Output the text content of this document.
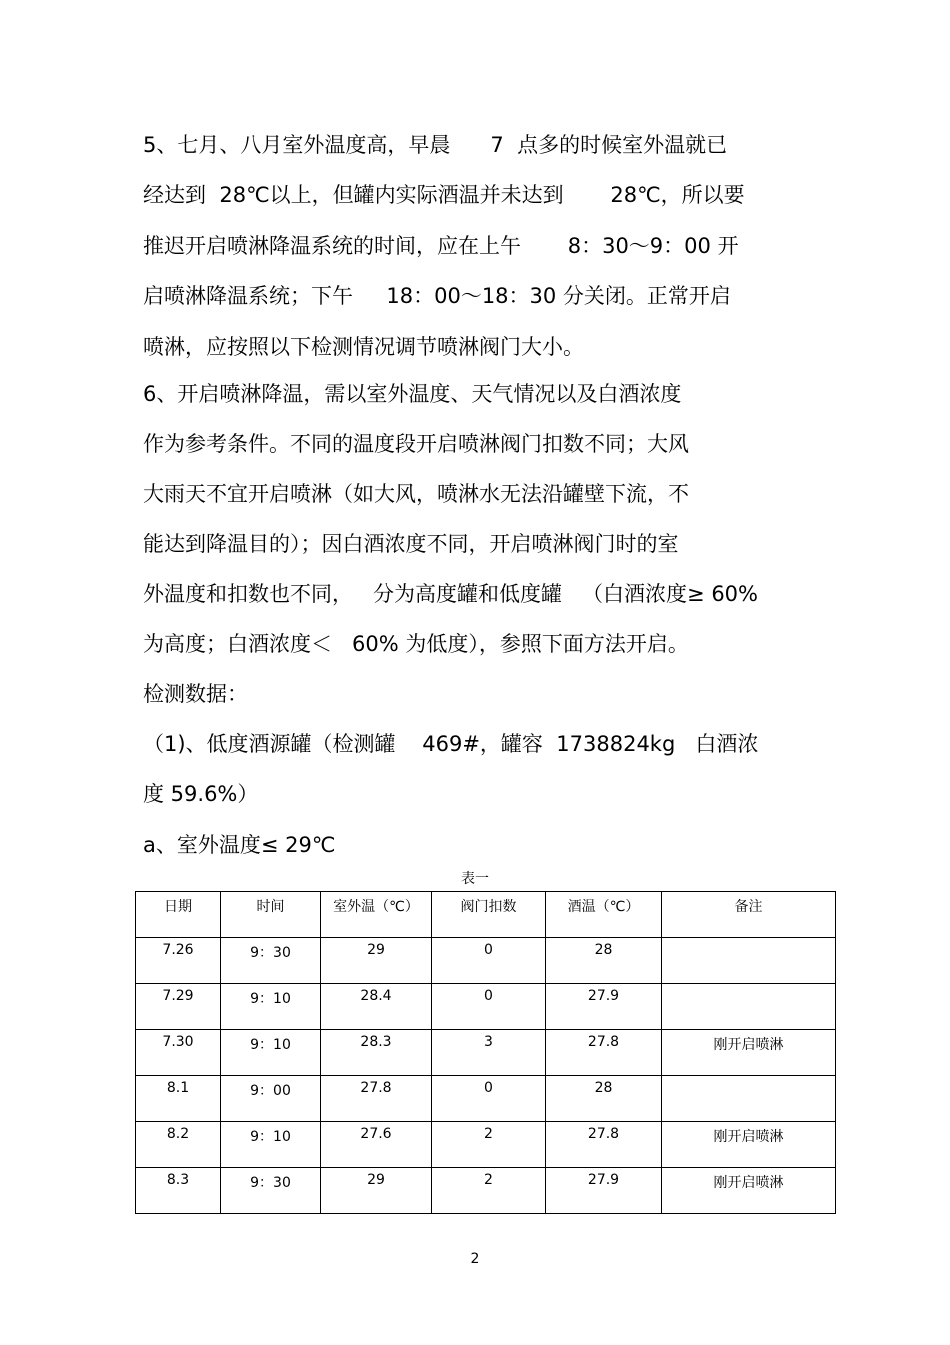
5、七月、八月室外温度高，早晨      7  点多的时候室外温就已
经达到  28℃以上，但罐内实际酒温并未达到       28℃，所以要
推迟开启喷淋降温系统的时间，应在上午       8：30～9：00 开
启喷淋降温系统；下午     18：00～18：30 分关闭。正常开启
喷淋，应按照以下检测情况调节喷淋阀门大小。
6、开启喷淋降温，需以室外温度、天气情况以及白酒浓度
作为参考条件。不同的温度段开启喷淋阀门扣数不同；大风
大雨天不宜开启喷淋（如大风，喷淋水无法沿罐壁下流，不
能达到降温目的）；因白酒浓度不同，开启喷淋阀门时的室
外温度和扣数也不同，   分为高度罐和低度罐   （白酒浓度≥ 60%
为高度；白酒浓度＜   60% 为低度），参照下面方法开启。
检测数据：
（1)、低度酒源罐（检测罐    469#，罐容  1738824kg   白酒浓
度 59.6%）
a、室外温度≤ 29℃
表一
日期	时间	室外温（℃）	阀门扣数	酒温（℃）	备注
7.26	9：30	29	0	28	
7.29	9：10	28.4	0	27.9	
7.30	9：10	28.3	3	27.8	刚开启喷淋
8.1	9：00	27.8	0	28	
8.2	9：10	27.6	2	27.8	刚开启喷淋
8.3	9：30	29	2	27.9	刚开启喷淋
2
